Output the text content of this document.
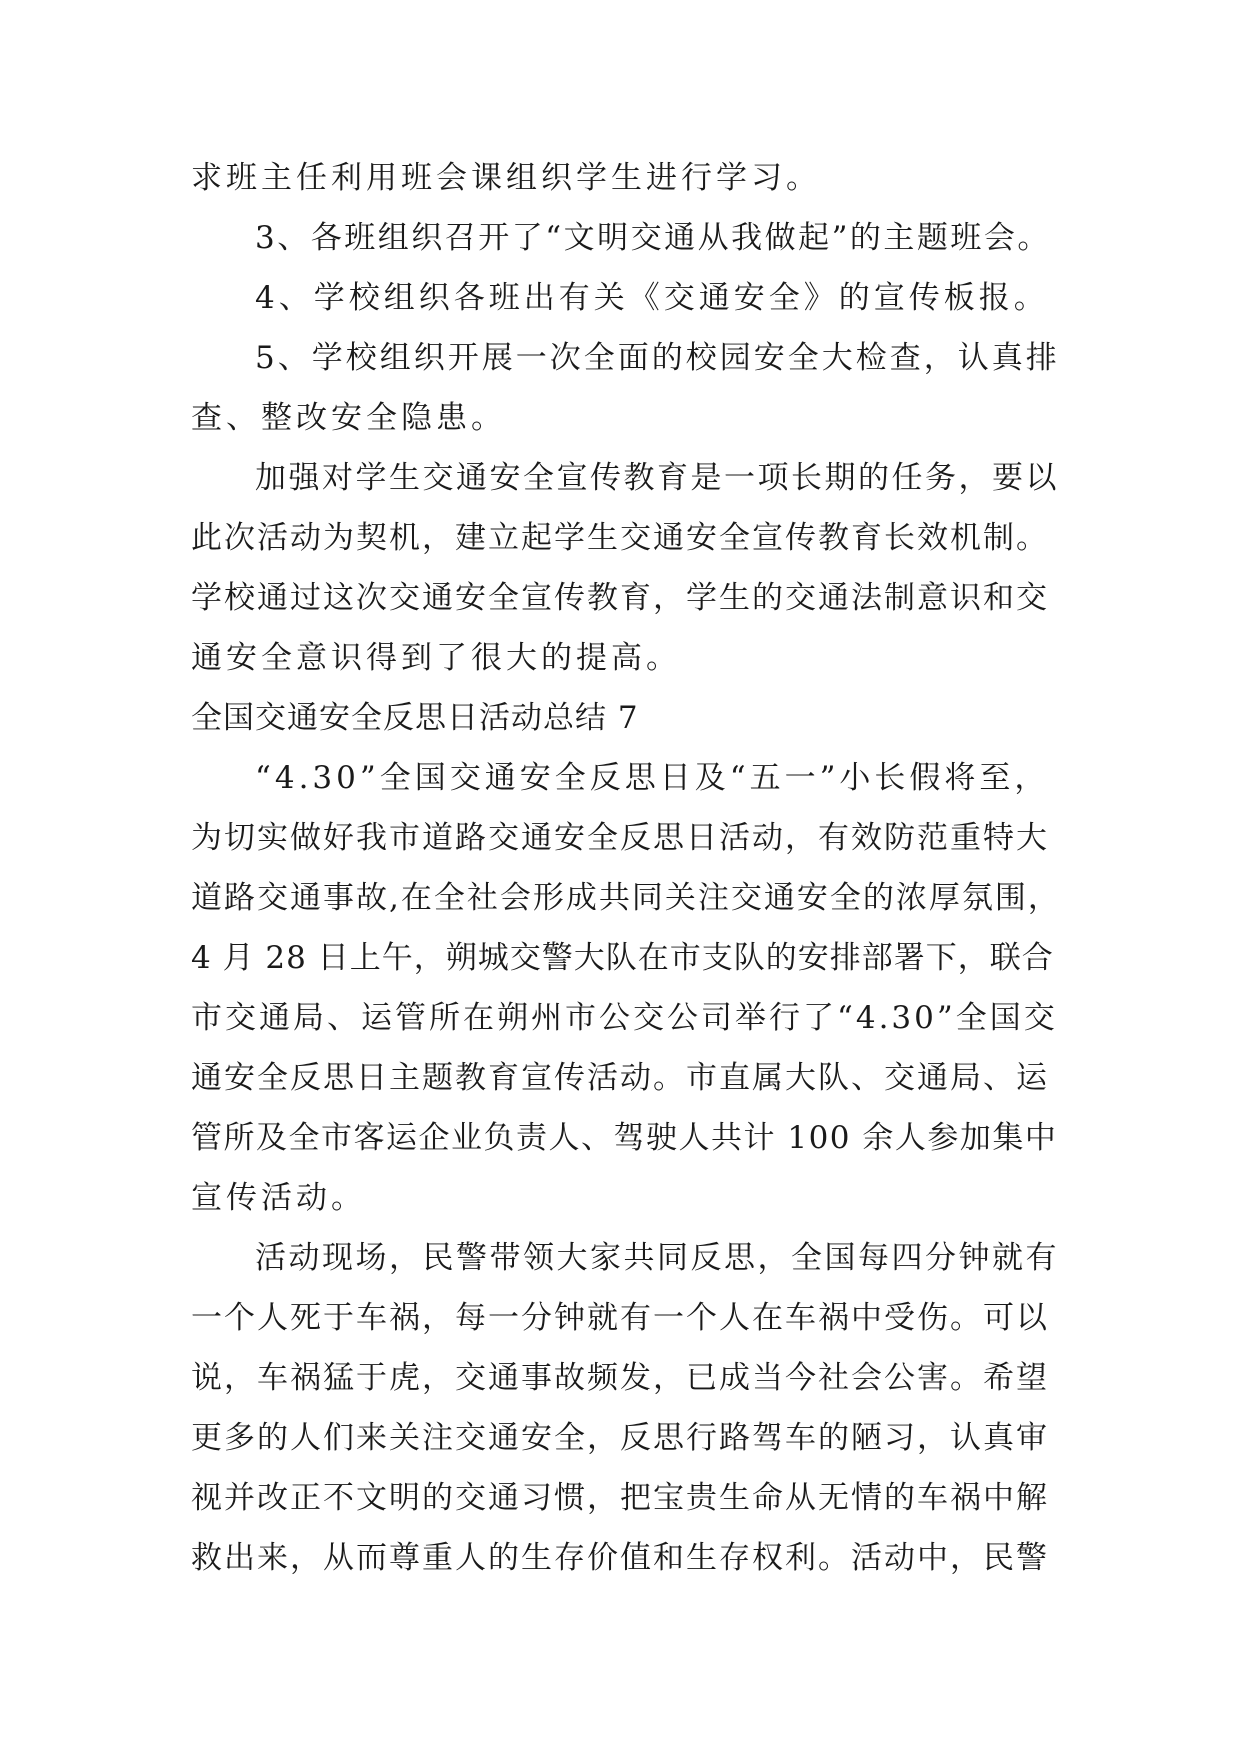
求班主任利用班会课组织学生进行学习。
3、各班组织召开了“文明交通从我做起”的主题班会。
4、学校组织各班出有关《交通安全》的宣传板报。
5、学校组织开展一次全面的校园安全大检查，认真排
查、整改安全隐患。
加强对学生交通安全宣传教育是一项长期的任务，要以
此次活动为契机，建立起学生交通安全宣传教育长效机制。
学校通过这次交通安全宣传教育，学生的交通法制意识和交
通安全意识得到了很大的提高。
全国交通安全反思日活动总结 7
“4.30”全国交通安全反思日及“五一”小长假将至，
为切实做好我市道路交通安全反思日活动，有效防范重特大
道路交通事故,在全社会形成共同关注交通安全的浓厚氛围，
4 月 28 日上午，朔城交警大队在市支队的安排部署下，联合
市交通局、运管所在朔州市公交公司举行了“4.30”全国交
通安全反思日主题教育宣传活动。市直属大队、交通局、运
管所及全市客运企业负责人、驾驶人共计 100 余人参加集中
宣传活动。
活动现场，民警带领大家共同反思，全国每四分钟就有
一个人死于车祸，每一分钟就有一个人在车祸中受伤。可以
说，车祸猛于虎，交通事故频发，已成当今社会公害。希望
更多的人们来关注交通安全，反思行路驾车的陋习，认真审
视并改正不文明的交通习惯，把宝贵生命从无情的车祸中解
救出来，从而尊重人的生存价值和生存权利。活动中，民警
